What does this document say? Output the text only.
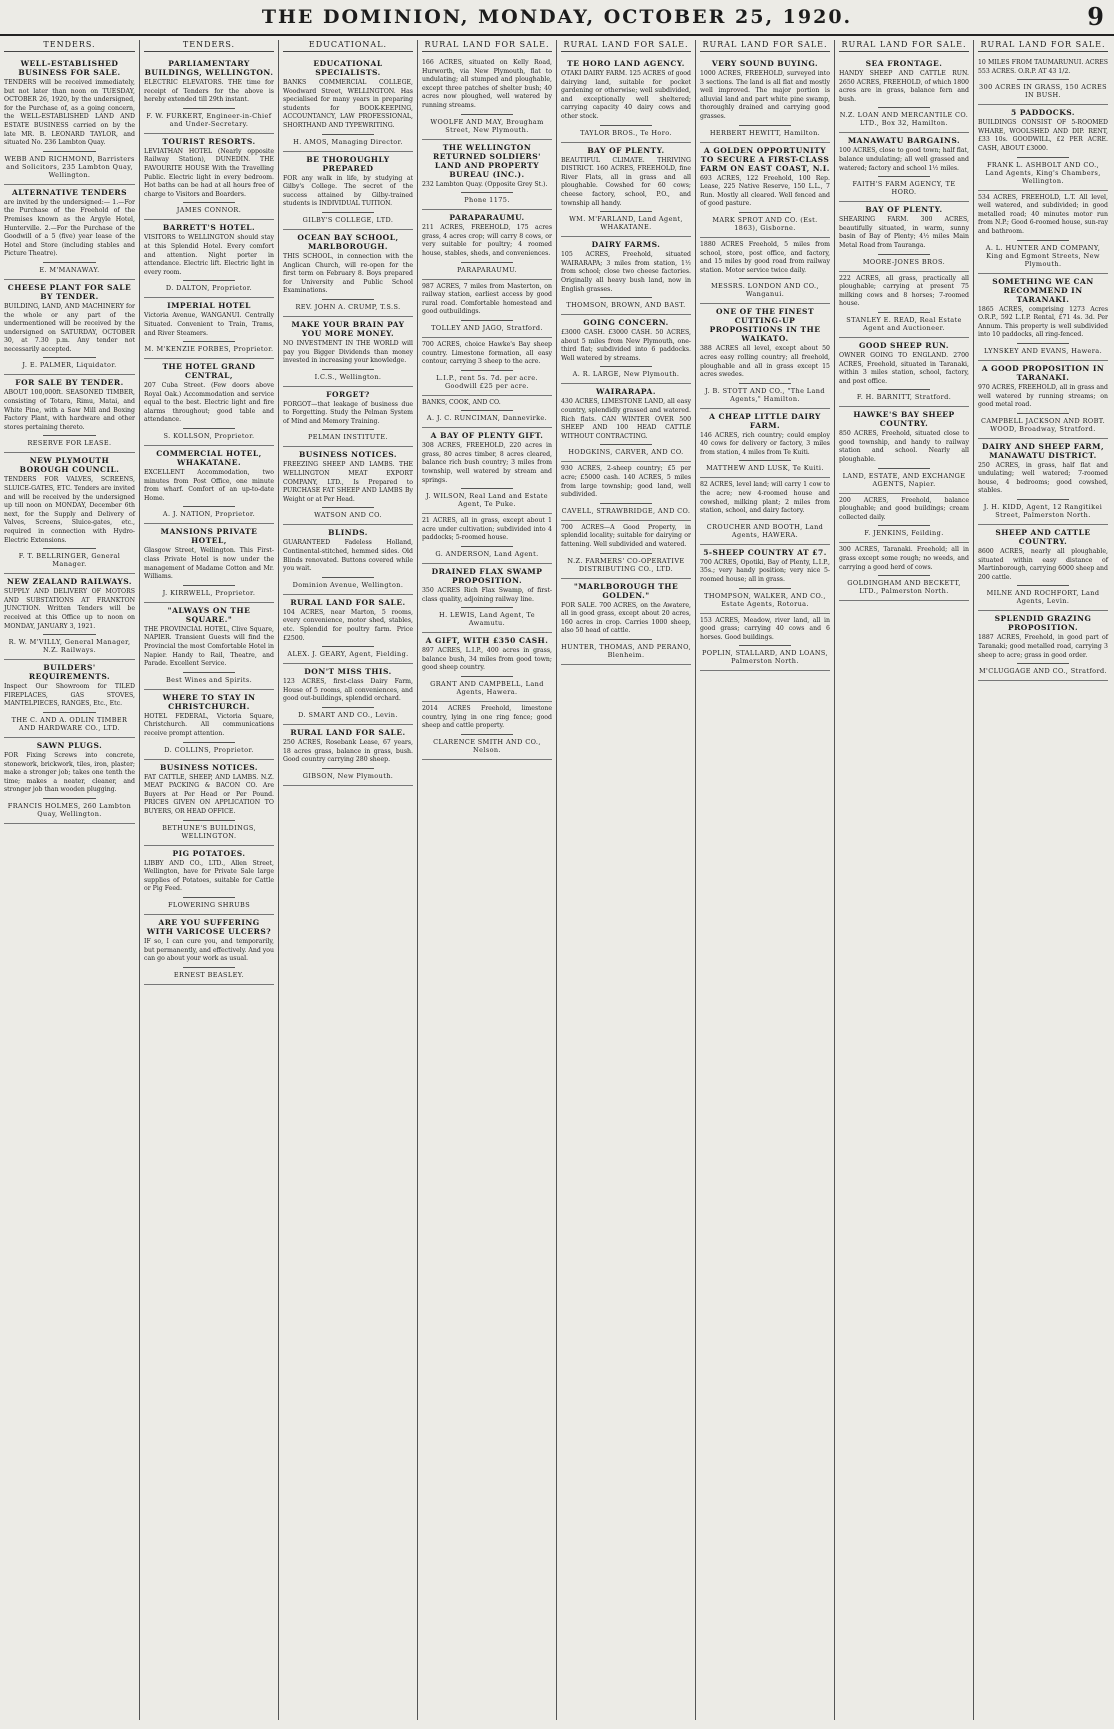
THE DOMINION, MONDAY, OCTOBER 25, 1920.	9
TENDERS.
WELL-ESTABLISHED BUSINESS FOR SALE.
TENDERS will be received immediately, but not later than noon on TUESDAY, OCTOBER 26, 1920, by the undersigned, for the Purchase of, as a going concern, the WELL-ESTABLISHED LAND AND ESTATE BUSINESS carried on by the late MR. B. LEONARD TAYLOR, and situated No. 236 Lambton Quay.
WEBB AND RICHMOND, Barristers and Solicitors, 235 Lambton Quay, Wellington.
ALTERNATIVE TENDERS
are invited by the undersigned:— 1.—For the Purchase of the Freehold of the Premises known as the Argyle Hotel, Hunterville. 2.—For the Purchase of the Goodwill of a 5 (five) year lease of the Hotel and Store (including stables and Picture Theatre).
E. M'MANAWAY.
CHEESE PLANT FOR SALE BY TENDER.
BUILDING, LAND, AND MACHINERY for the whole or any part of the undermentioned will be received by the undersigned on SATURDAY, OCTOBER 30, at 7.30 p.m. Any tender not necessarily accepted.
J. E. PALMER, Liquidator.
FOR SALE BY TENDER.
ABOUT 100,000ft. SEASONED TIMBER, consisting of Totara, Rimu, Matai, and White Pine, with a Saw Mill and Boxing Factory Plant, with hardware and other stores pertaining thereto.
RESERVE FOR LEASE.
NEW PLYMOUTH BOROUGH COUNCIL.
TENDERS FOR VALVES, SCREENS, SLUICE-GATES, ETC. Tenders are invited and will be received by the undersigned up till noon on MONDAY, December 6th next, for the Supply and Delivery of Valves, Screens, Sluice-gates, etc., required in connection with Hydro-Electric Extensions.
F. T. BELLRINGER, General Manager.
NEW ZEALAND RAILWAYS.
SUPPLY AND DELIVERY OF MOTORS AND SUBSTATIONS AT FRANKTON JUNCTION. Written Tenders will be received at this Office up to noon on MONDAY, JANUARY 3, 1921.
R. W. M'VILLY, General Manager, N.Z. Railways.
BUILDERS' REQUIREMENTS.
Inspect Our Showroom for TILED FIREPLACES, GAS STOVES, MANTELPIECES, RANGES, Etc., Etc.
THE C. AND A. ODLIN TIMBER AND HARDWARE CO., LTD.
SAWN PLUGS.
FOR Fixing Screws into concrete, stonework, brickwork, tiles, iron, plaster; make a stronger job; takes one tenth the time; makes a neater, cleaner, and stronger job than wooden plugging.
FRANCIS HOLMES, 260 Lambton Quay, Wellington.
TENDERS.
PARLIAMENTARY BUILDINGS, WELLINGTON.
ELECTRIC ELEVATORS. THE time for receipt of Tenders for the above is hereby extended till 29th instant.
F. W. FURKERT, Engineer-in-Chief and Under-Secretary.
TOURIST RESORTS.
LEVIATHAN HOTEL (Nearly opposite Railway Station), DUNEDIN. THE FAVOURITE HOUSE With the Travelling Public. Electric light in every bedroom. Hot baths can be had at all hours free of charge to Visitors and Boarders.
JAMES CONNOR.
BARRETT'S HOTEL.
VISITORS to WELLINGTON should stay at this Splendid Hotel. Every comfort and attention. Night porter in attendance. Electric lift. Electric light in every room.
D. DALTON, Proprietor.
IMPERIAL HOTEL
Victoria Avenue, WANGANUI. Centrally Situated. Convenient to Train, Trams, and River Steamers.
M. M'KENZIE FORBES, Proprietor.
THE HOTEL GRAND CENTRAL,
207 Cuba Street. (Few doors above Royal Oak.) Accommodation and service equal to the best. Electric light and fire alarms throughout; good table and attendance.
S. KOLLSON, Proprietor.
COMMERCIAL HOTEL, WHAKATANE.
EXCELLENT Accommodation, two minutes from Post Office, one minute from wharf. Comfort of an up-to-date Home.
A. J. NATION, Proprietor.
MANSIONS PRIVATE HOTEL,
Glasgow Street, Wellington. This First-class Private Hotel is now under the management of Madame Cotton and Mr. Williams.
J. KIRRWELL, Proprietor.
"ALWAYS ON THE SQUARE."
THE PROVINCIAL HOTEL, Clive Square, NAPIER. Transient Guests will find the Provincial the most Comfortable Hotel in Napier. Handy to Rail, Theatre, and Parade. Excellent Service.
Best Wines and Spirits.
WHERE TO STAY IN CHRISTCHURCH.
HOTEL FEDERAL, Victoria Square, Christchurch. All communications receive prompt attention.
D. COLLINS, Proprietor.
BUSINESS NOTICES.
FAT CATTLE, SHEEP, AND LAMBS. N.Z. MEAT PACKING & BACON CO. Are Buyers at Per Head or Per Pound. PRICES GIVEN ON APPLICATION TO BUYERS, OR HEAD OFFICE.
BETHUNE'S BUILDINGS, WELLINGTON.
PIG POTATOES.
LIBBY AND CO., LTD., Allen Street, Wellington, have for Private Sale large supplies of Potatoes, suitable for Cattle or Pig Feed.
FLOWERING SHRUBS
ARE YOU SUFFERING WITH VARICOSE ULCERS?
IF so, I can cure you, and temporarily, but permanently, and effectively. And you can go about your work as usual.
ERNEST BEASLEY.
EDUCATIONAL.
EDUCATIONAL SPECIALISTS.
BANKS COMMERCIAL COLLEGE, Woodward Street, WELLINGTON. Has specialised for many years in preparing students for BOOK-KEEPING, ACCOUNTANCY, LAW PROFESSIONAL, SHORTHAND AND TYPEWRITING.
H. AMOS, Managing Director.
BE THOROUGHLY PREPARED
FOR any walk in life, by studying at Gilby's College. The secret of the success attained by Gilby-trained students is INDIVIDUAL TUITION.
GILBY'S COLLEGE, LTD.
OCEAN BAY SCHOOL, MARLBOROUGH.
THIS SCHOOL, in connection with the Anglican Church, will re-open for the first term on February 8. Boys prepared for University and Public School Examinations.
REV. JOHN A. CRUMP, T.S.S.
MAKE YOUR BRAIN PAY YOU MORE MONEY.
NO INVESTMENT IN THE WORLD will pay you Bigger Dividends than money invested in increasing your knowledge.
I.C.S., Wellington.
FORGET?
FORGOT—that leakage of business due to Forgetting. Study the Pelman System of Mind and Memory Training.
PELMAN INSTITUTE.
BUSINESS NOTICES.
FREEZING SHEEP AND LAMBS. THE WELLINGTON MEAT EXPORT COMPANY, LTD., Is Prepared to PURCHASE FAT SHEEP AND LAMBS By Weight or at Per Head.
WATSON AND CO.
BLINDS.
GUARANTEED Fadeless Holland, Continental-stitched, hemmed sides. Old Blinds renovated. Buttons covered while you wait.
Dominion Avenue, Wellington.
RURAL LAND FOR SALE.
104 ACRES, near Marton, 5 rooms, every convenience, motor shed, stables, etc. Splendid for poultry farm. Price £2500.
ALEX. J. GEARY, Agent, Fielding.
DON'T MISS THIS.
123 ACRES, first-class Dairy Farm, House of 5 rooms, all conveniences, and good out-buildings, splendid orchard.
D. SMART AND CO., Levin.
RURAL LAND FOR SALE.
250 ACRES, Rosebank Lease, 67 years, 18 acres grass, balance in grass, bush. Good country carrying 280 sheep.
GIBSON, New Plymouth.
RURAL LAND FOR SALE.
166 ACRES, situated on Kelly Road, Hurworth, via New Plymouth, flat to undulating; all stumped and ploughable, except three patches of shelter bush; 40 acres now ploughed, well watered by running streams.
WOOLFE AND MAY, Brougham Street, New Plymouth.
THE WELLINGTON RETURNED SOLDIERS' LAND AND PROPERTY BUREAU (INC.).
232 Lambton Quay. (Opposite Grey St.).
Phone 1175.
PARAPARAUMU.
211 ACRES, FREEHOLD, 175 acres grass, 4 acres crop; will carry 8 cows, or very suitable for poultry; 4 roomed house, stables, sheds, and conveniences.
PARAPARAUMU.
987 ACRES, 7 miles from Masterton, on railway station, earliest access by good rural road. Comfortable homestead and good outbuildings.
TOLLEY AND JAGO, Stratford.
700 ACRES, choice Hawke's Bay sheep country. Limestone formation, all easy contour, carrying 3 sheep to the acre.
L.I.P., rent 5s. 7d. per acre. Goodwill £25 per acre.
BANKS, COOK, AND CO.
A. J. C. RUNCIMAN, Dannevirke.
A BAY OF PLENTY GIFT.
308 ACRES, FREEHOLD, 220 acres in grass, 80 acres timber, 8 acres cleared, balance rich bush country; 3 miles from township, well watered by stream and springs.
J. WILSON, Real Land and Estate Agent, Te Puke.
21 ACRES, all in grass, except about 1 acre under cultivation; subdivided into 4 paddocks; 5-roomed house.
G. ANDERSON, Land Agent.
DRAINED FLAX SWAMP PROPOSITION.
350 ACRES Rich Flax Swamp, of first-class quality, adjoining railway line.
H. LEWIS, Land Agent, Te Awamutu.
A GIFT, WITH £350 CASH.
897 ACRES, L.I.P., 400 acres in grass, balance bush, 34 miles from good town; good sheep country.
GRANT AND CAMPBELL, Land Agents, Hawera.
2014 ACRES Freehold, limestone country, lying in one ring fence; good sheep and cattle property.
CLARENCE SMITH AND CO., Nelson.
RURAL LAND FOR SALE.
TE HORO LAND AGENCY.
OTAKI DAIRY FARM. 125 ACRES of good dairying land, suitable for pocket gardening or otherwise; well subdivided, and exceptionally well sheltered; carrying capacity 40 dairy cows and other stock.
TAYLOR BROS., Te Horo.
BAY OF PLENTY.
BEAUTIFUL CLIMATE. THRIVING DISTRICT. 160 ACRES, FREEHOLD, fine River Flats, all in grass and all ploughable. Cowshed for 60 cows; cheese factory, school, P.O., and township all handy.
WM. M'FARLAND, Land Agent, WHAKATANE.
DAIRY FARMS.
105 ACRES, Freehold, situated WAIRARAPA; 3 miles from station, 1½ from school; close two cheese factories. Originally all heavy bush land, now in English grasses.
THOMSON, BROWN, AND BAST.
GOING CONCERN.
£3000 CASH. £3000 CASH. 50 ACRES, about 5 miles from New Plymouth, one-third flat; subdivided into 6 paddocks. Well watered by streams.
A. R. LARGE, New Plymouth.
WAIRARAPA.
430 ACRES, LIMESTONE LAND, all easy country, splendidly grassed and watered. Rich flats. CAN WINTER OVER 500 SHEEP AND 100 HEAD CATTLE WITHOUT CONTRACTING.
HODGKINS, CARVER, AND CO.
930 ACRES, 2-sheep country; £5 per acre; £5000 cash. 140 ACRES, 5 miles from large township; good land, well subdivided.
CAVELL, STRAWBRIDGE, AND CO.
700 ACRES—A Good Property, in splendid locality; suitable for dairying or fattening. Well subdivided and watered.
N.Z. FARMERS' CO-OPERATIVE DISTRIBUTING CO., LTD.
"MARLBOROUGH THE GOLDEN."
FOR SALE. 700 ACRES, on the Awatere, all in good grass, except about 20 acres, 160 acres in crop. Carries 1000 sheep, also 50 head of cattle.
HUNTER, THOMAS, AND PERANO, Blenheim.
RURAL LAND FOR SALE.
VERY SOUND BUYING.
1000 ACRES, FREEHOLD, surveyed into 3 sections. The land is all flat and mostly well improved. The major portion is alluvial land and part white pine swamp, thoroughly drained and carrying good grasses.
HERBERT HEWITT, Hamilton.
A GOLDEN OPPORTUNITY TO SECURE A FIRST-CLASS FARM ON EAST COAST, N.I.
693 ACRES, 122 Freehold, 100 Rep. Lease, 225 Native Reserve, 150 L.L., 7 Run. Mostly all cleared. Well fenced and of good pasture.
MARK SPROT AND CO. (Est. 1863), Gisborne.
1880 ACRES Freehold, 5 miles from school, store, post office, and factory, and 15 miles by good road from railway station. Motor service twice daily.
MESSRS. LONDON AND CO., Wanganui.
ONE OF THE FINEST CUTTING-UP PROPOSITIONS IN THE WAIKATO.
388 ACRES all level, except about 50 acres easy rolling country; all freehold, ploughable and all in grass except 15 acres swedes.
J. B. STOTT AND CO., "The Land Agents," Hamilton.
A CHEAP LITTLE DAIRY FARM.
146 ACRES, rich country; could employ 40 cows for delivery or factory, 3 miles from station, 4 miles from Te Kuiti.
MATTHEW AND LUSK, Te Kuiti.
82 ACRES, level land; will carry 1 cow to the acre; new 4-roomed house and cowshed, milking plant; 2 miles from station, school, and dairy factory.
CROUCHER AND BOOTH, Land Agents, HAWERA.
5-SHEEP COUNTRY AT £7.
700 ACRES, Opotiki, Bay of Plenty, L.I.P., 35s.; very handy position; very nice 5-roomed house; all in grass.
THOMPSON, WALKER, AND CO., Estate Agents, Rotorua.
153 ACRES, Meadow, river land, all in good grass; carrying 40 cows and 6 horses. Good buildings.
POPLIN, STALLARD, AND LOANS, Palmerston North.
RURAL LAND FOR SALE.
SEA FRONTAGE.
HANDY SHEEP AND CATTLE RUN. 2650 ACRES, FREEHOLD, of which 1800 acres are in grass, balance fern and bush.
N.Z. LOAN AND MERCANTILE CO. LTD., Box 32, Hamilton.
MANAWATU BARGAINS.
100 ACRES, close to good town; half flat, balance undulating; all well grassed and watered; factory and school 1½ miles.
FAITH'S FARM AGENCY, TE HORO.
BAY OF PLENTY.
SHEARING FARM. 300 ACRES, beautifully situated, in warm, sunny basin of Bay of Plenty; 4½ miles Main Metal Road from Tauranga.
MOORE-JONES BROS.
222 ACRES, all grass, practically all ploughable; carrying at present 75 milking cows and 8 horses; 7-roomed house.
STANLEY E. READ, Real Estate Agent and Auctioneer.
GOOD SHEEP RUN.
OWNER GOING TO ENGLAND. 2700 ACRES, Freehold, situated in Taranaki, within 3 miles station, school, factory, and post office.
F. H. BARNITT, Stratford.
HAWKE'S BAY SHEEP COUNTRY.
850 ACRES, Freehold, situated close to good township, and handy to railway station and school. Nearly all ploughable.
LAND, ESTATE, AND EXCHANGE AGENTS, Napier.
200 ACRES, Freehold, balance ploughable; and good buildings; cream collected daily.
F. JENKINS, Feilding.
300 ACRES, Taranaki. Freehold; all in grass except some rough; no weeds, and carrying a good herd of cows.
GOLDINGHAM AND BECKETT, LTD., Palmerston North.
RURAL LAND FOR SALE.
10 MILES FROM TAUMARUNUI. ACRES 553 ACRES. O.R.P. AT 43 1/2.
300 ACRES IN GRASS, 150 ACRES IN BUSH.
5 PADDOCKS.
BUILDINGS CONSIST OF 5-ROOMED WHARE, WOOLSHED AND DIP. RENT, £33 10s. GOODWILL, £2 PER ACRE. CASH, ABOUT £3000.
FRANK L. ASHBOLT AND CO., Land Agents, King's Chambers, Wellington.
534 ACRES, FREEHOLD, L.T. All level, well watered, and subdivided; in good metalled road; 40 minutes motor run from N.P.; Good 6-roomed house, sun-ray and bathroom.
A. L. HUNTER AND COMPANY, King and Egmont Streets, New Plymouth.
SOMETHING WE CAN RECOMMEND IN TARANAKI.
1865 ACRES, comprising 1273 Acres O.R.P., 592 L.I.P. Rental, £71 4s. 3d. Per Annum. This property is well subdivided into 10 paddocks, all ring-fenced.
LYNSKEY AND EVANS, Hawera.
A GOOD PROPOSITION IN TARANAKI.
970 ACRES, FREEHOLD, all in grass and well watered by running streams; on good metal road.
CAMPBELL JACKSON AND ROBT. WOOD, Broadway, Stratford.
DAIRY AND SHEEP FARM, MANAWATU DISTRICT.
250 ACRES, in grass, half flat and undulating; well watered; 7-roomed house, 4 bedrooms; good cowshed, stables.
J. H. KIDD, Agent, 12 Rangitikei Street, Palmerston North.
SHEEP AND CATTLE COUNTRY.
8600 ACRES, nearly all ploughable, situated within easy distance of Martinborough, carrying 6000 sheep and 200 cattle.
MILNE AND ROCHFORT, Land Agents, Levin.
SPLENDID GRAZING PROPOSITION.
1887 ACRES, Freehold, in good part of Taranaki; good metalled road, carrying 3 sheep to acre; grass in good order.
M'CLUGGAGE AND CO., Stratford.
